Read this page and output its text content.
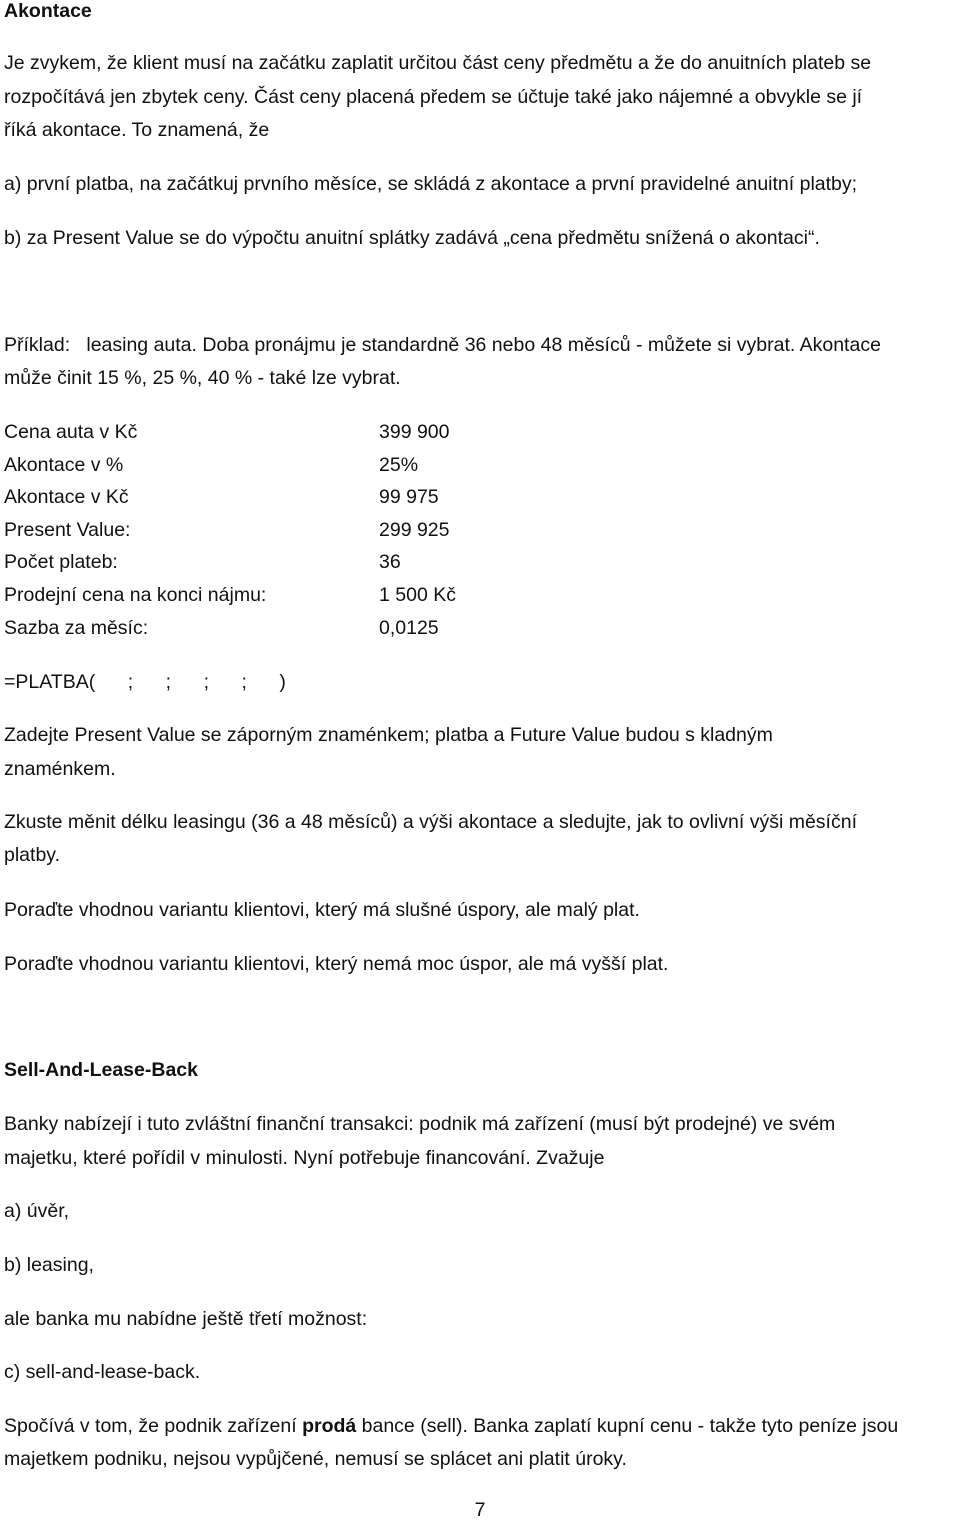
Akontace
Je zvykem, že klient musí na začátku zaplatit určitou část ceny předmětu a že do anuitních plateb se
rozpočítává jen zbytek ceny. Část ceny placená předem se účtuje také jako nájemné a obvykle se jí
říká akontace. To znamená, že
a) první platba, na začátkuj prvního měsíce, se skládá z akontace a první pravidelné anuitní platby;
b) za Present Value se do výpočtu anuitní splátky zadává „cena předmětu snížená o akontaci“.
Příklad:   leasing auta. Doba pronájmu je standardně 36 nebo 48 měsíců - můžete si vybrat. Akontace
může činit 15 %, 25 %, 40 % - také lze vybrat.
Cena auta v Kč	399 900
Akontace v %	25%
Akontace v Kč	99 975
Present Value:	299 925
Počet plateb:	36
Prodejní cena na konci nájmu:	1 500 Kč
Sazba za měsíc:	0,0125
=PLATBA(      ;      ;      ;      ;      )
Zadejte Present Value se záporným znaménkem; platba a Future Value budou s kladným
znaménkem.
Zkuste měnit délku leasingu (36 a 48 měsíců) a výši akontace a sledujte, jak to ovlivní výši měsíční
platby.
Poraďte vhodnou variantu klientovi, který má slušné úspory, ale malý plat.
Poraďte vhodnou variantu klientovi, který nemá moc úspor, ale má vyšší plat.
Sell-And-Lease-Back
Banky nabízejí i tuto zvláštní finanční transakci: podnik má zařízení (musí být prodejné) ve svém
majetku, které pořídil v minulosti. Nyní potřebuje financování. Zvažuje
a) úvěr,
b) leasing,
ale banka mu nabídne ještě třetí možnost:
c) sell-and-lease-back.
Spočívá v tom, že podnik zařízení prodá bance (sell). Banka zaplatí kupní cenu - takže tyto peníze jsou
majetkem podniku, nejsou vypůjčené, nemusí se splácet ani platit úroky.
7
